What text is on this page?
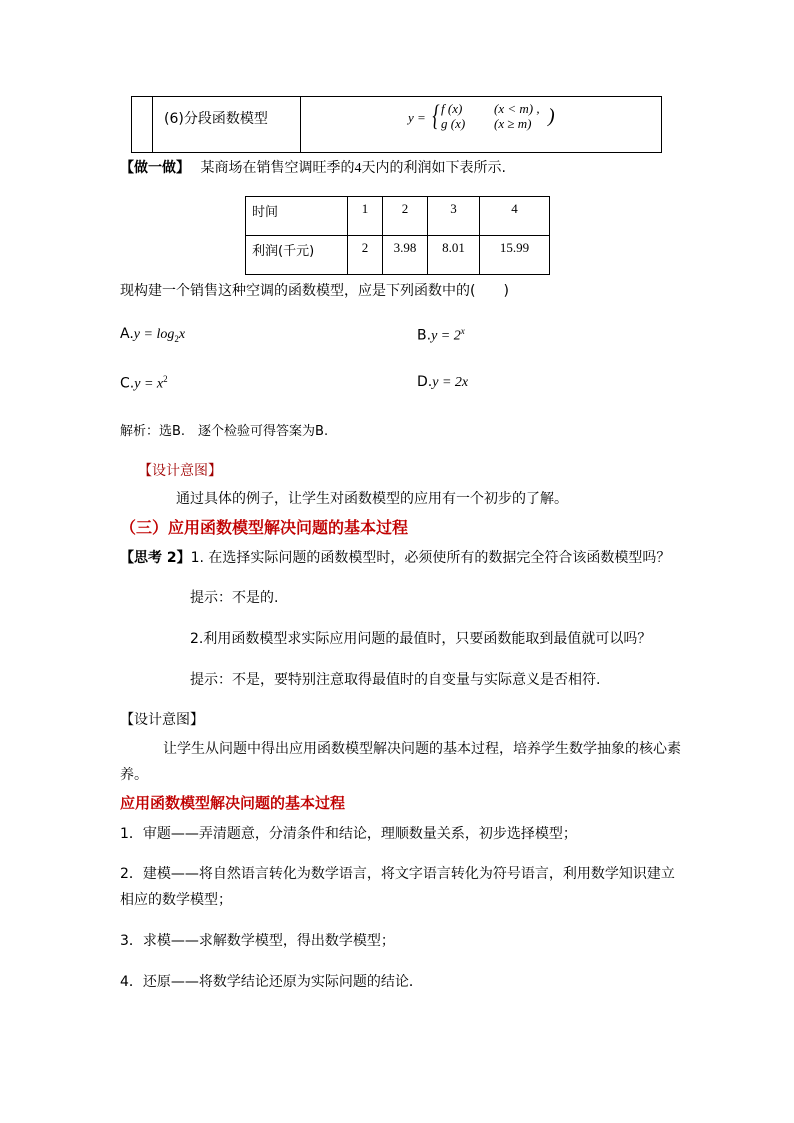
(6)分段函数模型	y = { f (x)
g (x)
(x < m) ,
(x ≥ m) )
【做一做】 某商场在销售空调旺季的4天内的利润如下表所示.
时间	1	2	3	4

利润(千元)	2	3.98	8.01	15.99
现构建一个销售这种空调的函数模型，应是下列函数中的(　　)
$A.y = \log_2x$	$B.y = 2^x$
$C.y = x^2$	D.y = 2x
解析：选B.　逐个检验可得答案为B.
【设计意图】
通过具体的例子，让学生对函数模型的应用有一个初步的了解。
（三）应用函数模型解决问题的基本过程
【思考 2】1. 在选择实际问题的函数模型时，必须使所有的数据完全符合该函数模型吗？
提示：不是的.
2.利用函数模型求实际应用问题的最值时，只要函数能取到最值就可以吗？
提示：不是，要特别注意取得最值时的自变量与实际意义是否相符.
【设计意图】
让学生从问题中得出应用函数模型解决问题的基本过程，培养学生数学抽象的核心素
养。
应用函数模型解决问题的基本过程
1．审题——弄清题意，分清条件和结论，理顺数量关系，初步选择模型；
2．建模——将自然语言转化为数学语言，将文字语言转化为符号语言，利用数学知识建立
相应的数学模型；
3．求模——求解数学模型，得出数学模型；
4．还原——将数学结论还原为实际问题的结论．
